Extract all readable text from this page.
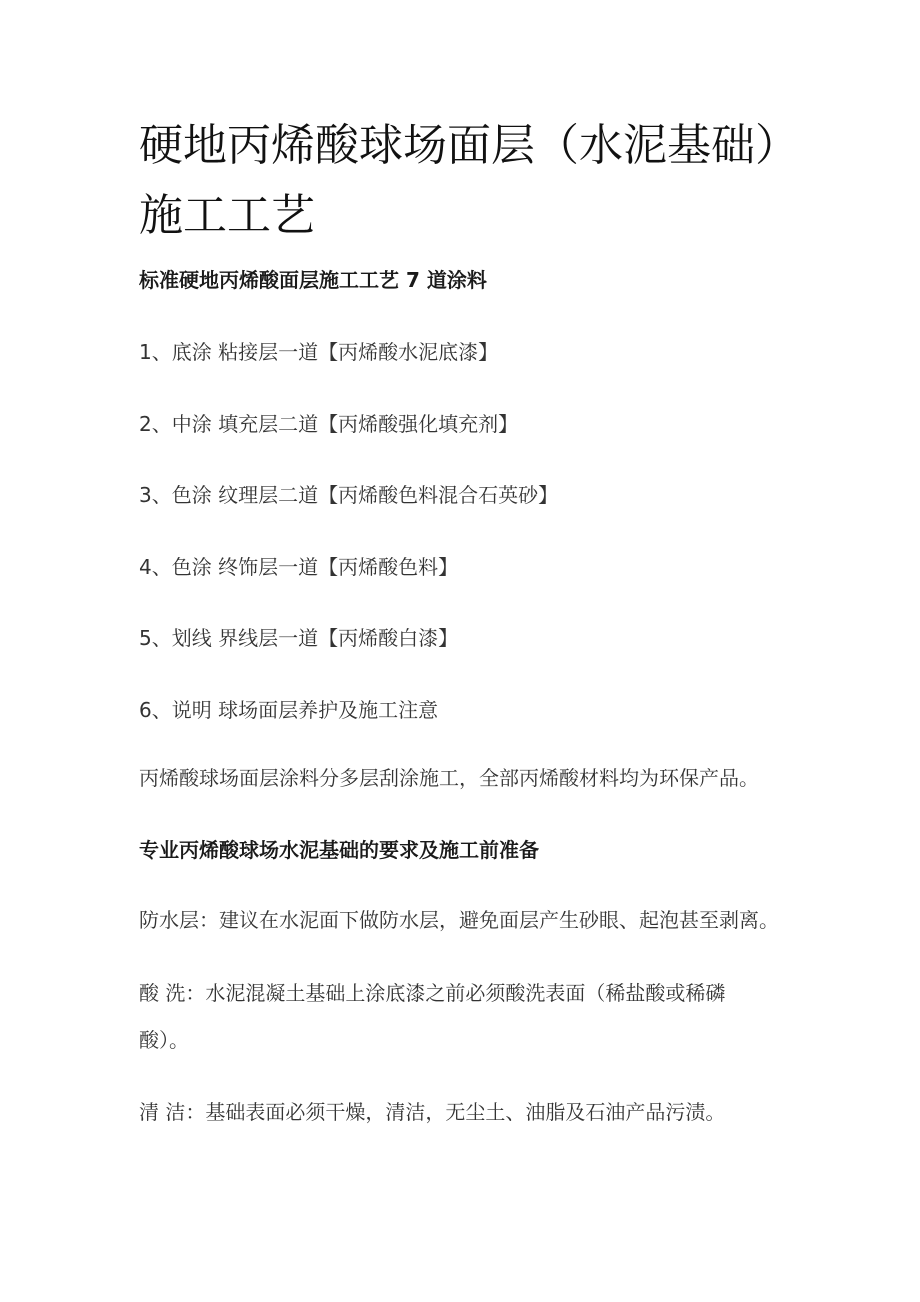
硬地丙烯酸球场面层（水泥基础）
施工工艺
标准硬地丙烯酸面层施工工艺 7 道涂料
1、底涂 粘接层一道【丙烯酸水泥底漆】
2、中涂 填充层二道【丙烯酸强化填充剂】
3、色涂 纹理层二道【丙烯酸色料混合石英砂】
4、色涂 终饰层一道【丙烯酸色料】
5、划线 界线层一道【丙烯酸白漆】
6、说明 球场面层养护及施工注意
丙烯酸球场面层涂料分多层刮涂施工，全部丙烯酸材料均为环保产品。
专业丙烯酸球场水泥基础的要求及施工前准备
防水层：建议在水泥面下做防水层，避免面层产生砂眼、起泡甚至剥离。
酸 洗：水泥混凝土基础上涂底漆之前必须酸洗表面（稀盐酸或稀磷酸）。
清 洁：基础表面必须干燥，清洁，无尘土、油脂及石油产品污渍。
